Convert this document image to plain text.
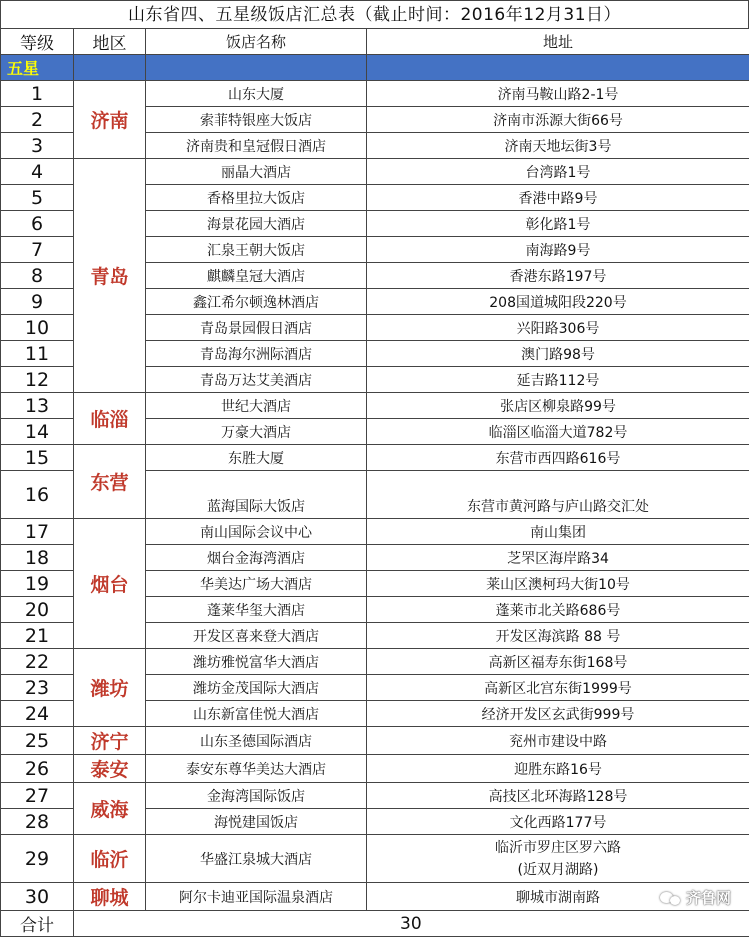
山东省四、五星级饭店汇总表（截止时间：2016年12月31日）
等级	地区	饭店名称	地址
五星			
1	济南	山东大厦	济南马鞍山路2-1号
2		索菲特银座大饭店	济南市泺源大街66号
3		济南贵和皇冠假日酒店	济南天地坛街3号
4	青岛	丽晶大酒店	台湾路1号
5		香格里拉大饭店	香港中路9号
6		海景花园大酒店	彰化路1号
7		汇泉王朝大饭店	南海路9号
8		麒麟皇冠大酒店	香港东路197号
9		鑫江希尔顿逸林酒店	208国道城阳段220号
10		青岛景园假日酒店	兴阳路306号
11		青岛海尔洲际酒店	澳门路98号
12		青岛万达艾美酒店	延吉路112号
13	临淄	世纪大酒店	张店区柳泉路99号
14		万豪大酒店	临淄区临淄大道782号
15	东营	东胜大厦	东营市西四路616号
16		蓝海国际大饭店	东营市黄河路与庐山路交汇处
17	烟台	南山国际会议中心	南山集团
18		烟台金海湾酒店	芝罘区海岸路34
19		华美达广场大酒店	莱山区澳柯玛大街10号
20		蓬莱华玺大酒店	蓬莱市北关路686号
21		开发区喜来登大酒店	开发区海滨路 88 号
22	潍坊	潍坊雅悦富华大酒店	高新区福寿东街168号
23		潍坊金茂国际大酒店	高新区北宫东街1999号
24		山东新富佳悦大酒店	经济开发区玄武街999号
25	济宁	山东圣德国际酒店	兖州市建设中路
26	泰安	泰安东尊华美达大酒店	迎胜东路16号
27	威海	金海湾国际饭店	高技区北环海路128号
28		海悦建国饭店	文化西路177号
29	临沂	华盛江泉城大酒店	临沂市罗庄区罗六路
(近双月湖路)

30	聊城	阿尔卡迪亚国际温泉酒店	聊城市湖南路
合计	30		
齐鲁网
